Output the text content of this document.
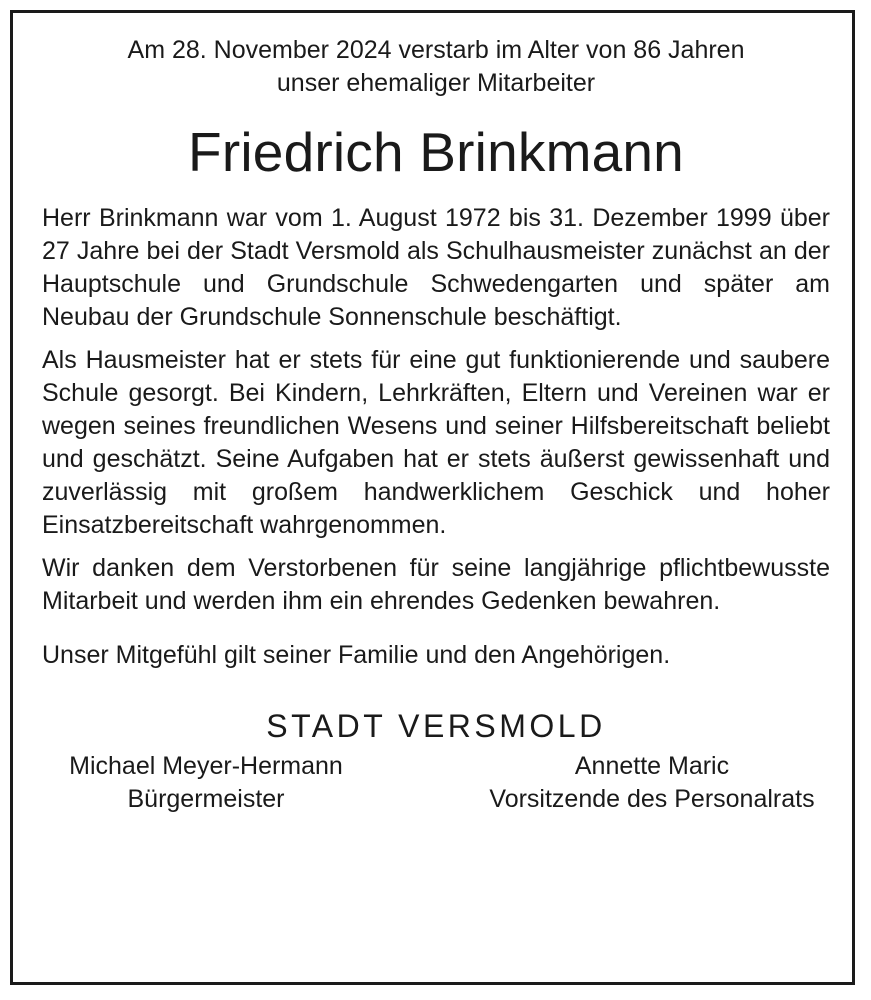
Am 28. November 2024 verstarb im Alter von 86 Jahren
unser ehemaliger Mitarbeiter
Friedrich Brinkmann

Herr Brinkmann war vom 1. August 1972 bis 31. Dezember 1999 über 27 Jahre bei der Stadt Versmold als Schulhausmeister zunächst an der Hauptschule und Grundschule Schwedengarten und später am Neubau der Grundschule Sonnenschule beschäftigt.

Als Hausmeister hat er stets für eine gut funktionierende und saubere Schule gesorgt. Bei Kindern, Lehrkräften, Eltern und Vereinen war er wegen seines freundlichen Wesens und seiner Hilfsbereitschaft beliebt und geschätzt. Seine Aufgaben hat er stets äußerst gewissenhaft und zuverlässig mit großem handwerklichem Geschick und hoher Einsatzbereitschaft wahrgenommen.

Wir danken dem Verstorbenen für seine langjährige pflichtbewusste Mitarbeit und werden ihm ein ehrendes Gedenken bewahren.

Unser Mitgefühl gilt seiner Familie und den Angehörigen.

STADT VERSMOLD
Michael Meyer-Hermann
Bürgermeister
Annette Maric
Vorsitzende des Personalrats
